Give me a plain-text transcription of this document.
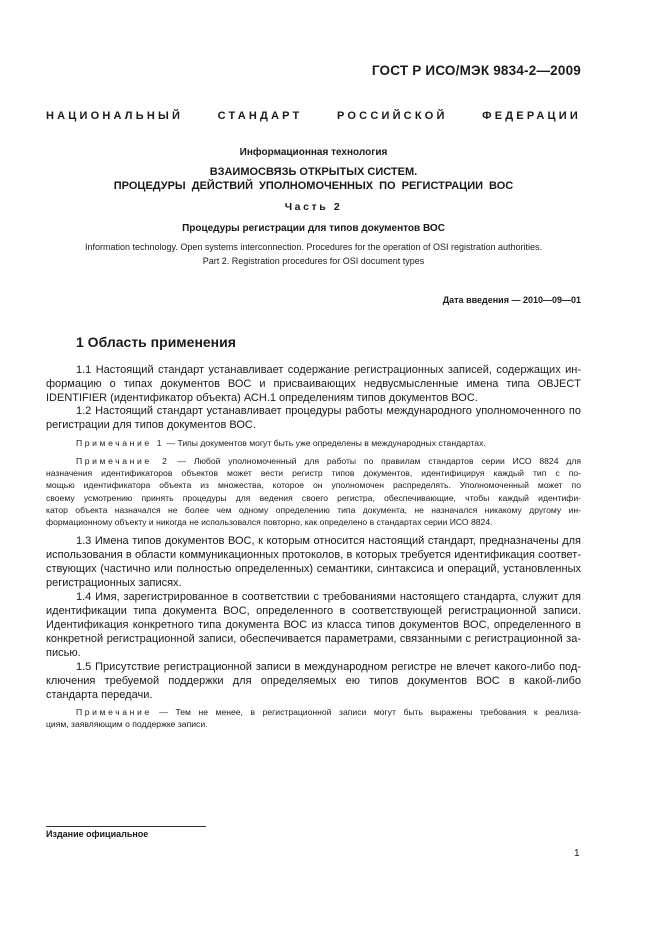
ГОСТ Р ИСО/МЭК 9834-2—2009
НАЦИОНАЛЬНЫЙ СТАНДАРТ РОССИЙСКОЙ ФЕДЕРАЦИИ
Информационная технология
ВЗАИМОСВЯЗЬ ОТКРЫТЫХ СИСТЕМ.
ПРОЦЕДУРЫ ДЕЙСТВИЙ УПОЛНОМОЧЕННЫХ ПО РЕГИСТРАЦИИ ВОС
Часть 2
Процедуры регистрации для типов документов ВОС
Information technology. Open systems interconnection. Procedures for the operation of OSI registration authorities.
Part 2. Registration procedures for OSI document types
Дата введения — 2010—09—01
1 Область применения
1.1 Настоящий стандарт устанавливает содержание регистрационных записей, содержащих ин-
формацию о типах документов ВОС и присваивающих недвусмысленные имена типа OBJECT
IDENTIFIER (идентификатор объекта) АСН.1 определениям типов документов ВОС.
1.2 Настоящий стандарт устанавливает процедуры работы международного уполномоченного по
регистрации для типов документов ВОС.
Примечание 1 — Типы документов могут быть уже определены в международных стандартах.
Примечание 2 — Любой уполномоченный для работы по правилам стандартов серии ИСО 8824 для
назначения идентификаторов объектов может вести регистр типов документов, идентифицируя каждый тип с по-
мощью идентификатора объекта из множества, которое он уполномочен распределять. Уполномоченный может по
своему усмотрению принять процедуры для ведения своего регистра, обеспечивающие, чтобы каждый идентифи-
катор объекта назначался не более чем одному определению типа документа, не назначался никакому другому ин-
формационному объекту и никогда не использовался повторно, как определено в стандартах серии ИСО 8824.
1.3 Имена типов документов ВОС, к которым относится настоящий стандарт, предназначены для
использования в области коммуникационных протоколов, в которых требуется идентификация соответ-
ствующих (частично или полностью определенных) семантики, синтаксиса и операций, установленных
регистрационных записях.
1.4 Имя, зарегистрированное в соответствии с требованиями настоящего стандарта, служит для
идентификации типа документа ВОС, определенного в соответствующей регистрационной записи.
Идентификация конкретного типа документа ВОС из класса типов документов ВОС, определенного в
конкретной регистрационной записи, обеспечивается параметрами, связанными с регистрационной за-
писью.
1.5 Присутствие регистрационной записи в международном регистре не влечет какого-либо под-
ключения требуемой поддержки для определяемых ею типов документов ВОС в какой-либо
стандарта передачи.
Примечание — Тем не менее, в регистрационной записи могут быть выражены требования к реализа-
циям, заявляющим о поддержке записи.
Издание официальное
1
